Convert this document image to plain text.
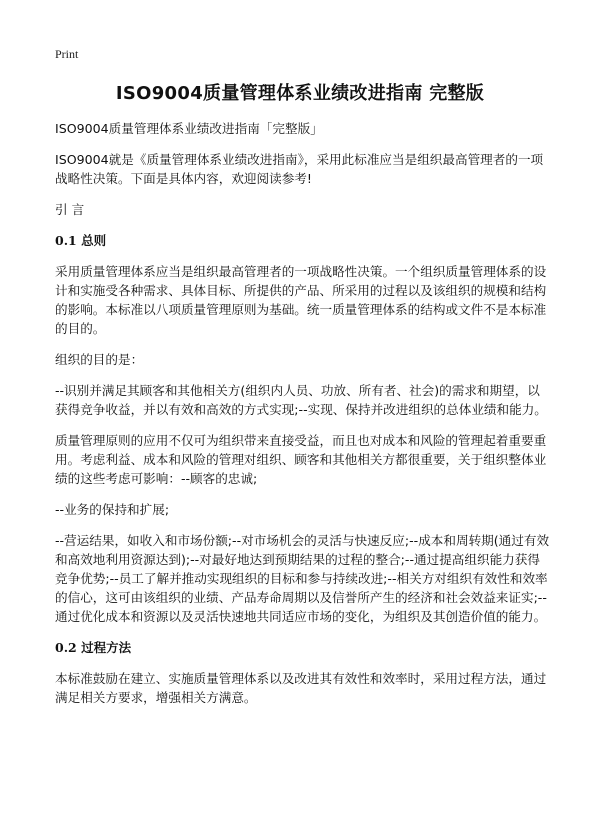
Print
ISO9004质量管理体系业绩改进指南 完整版

ISO9004质量管理体系业绩改进指南「完整版」

ISO9004就是《质量管理体系业绩改进指南》，采用此标准应当是组织最高管理者的一项战略性决策。下面是具体内容，欢迎阅读参考!

引 言

0.1 总则

采用质量管理体系应当是组织最高管理者的一项战略性决策。一个组织质量管理体系的设计和实施受各种需求、具体目标、所提供的产品、所采用的过程以及该组织的规模和结构的影响。本标准以八项质量管理原则为基础。统一质量管理体系的结构或文件不是本标准的目的。

组织的目的是：

--识别并满足其顾客和其他相关方(组织内人员、功放、所有者、社会)的需求和期望，以获得竞争收益，并以有效和高效的方式实现;--实现、保持并改进组织的总体业绩和能力。

质量管理原则的应用不仅可为组织带来直接受益，而且也对成本和风险的管理起着重要重用。考虑利益、成本和风险的管理对组织、顾客和其他相关方都很重要，关于组织整体业绩的这些考虑可影响：--顾客的忠诚;

--业务的保持和扩展;

--营运结果，如收入和市场份额;--对市场机会的灵活与快速反应;--成本和周转期(通过有效和高效地利用资源达到);--对最好地达到预期结果的过程的整合;--通过提高组织能力获得竞争优势;--员工了解并推动实现组织的目标和参与持续改进;--相关方对组织有效性和效率的信心，这可由该组织的业绩、产品寿命周期以及信誉所产生的经济和社会效益来证实;--通过优化成本和资源以及灵活快速地共同适应市场的变化，为组织及其创造价值的能力。

0.2 过程方法

本标准鼓励在建立、实施质量管理体系以及改进其有效性和效率时，采用过程方法，通过满足相关方要求，增强相关方满意。
